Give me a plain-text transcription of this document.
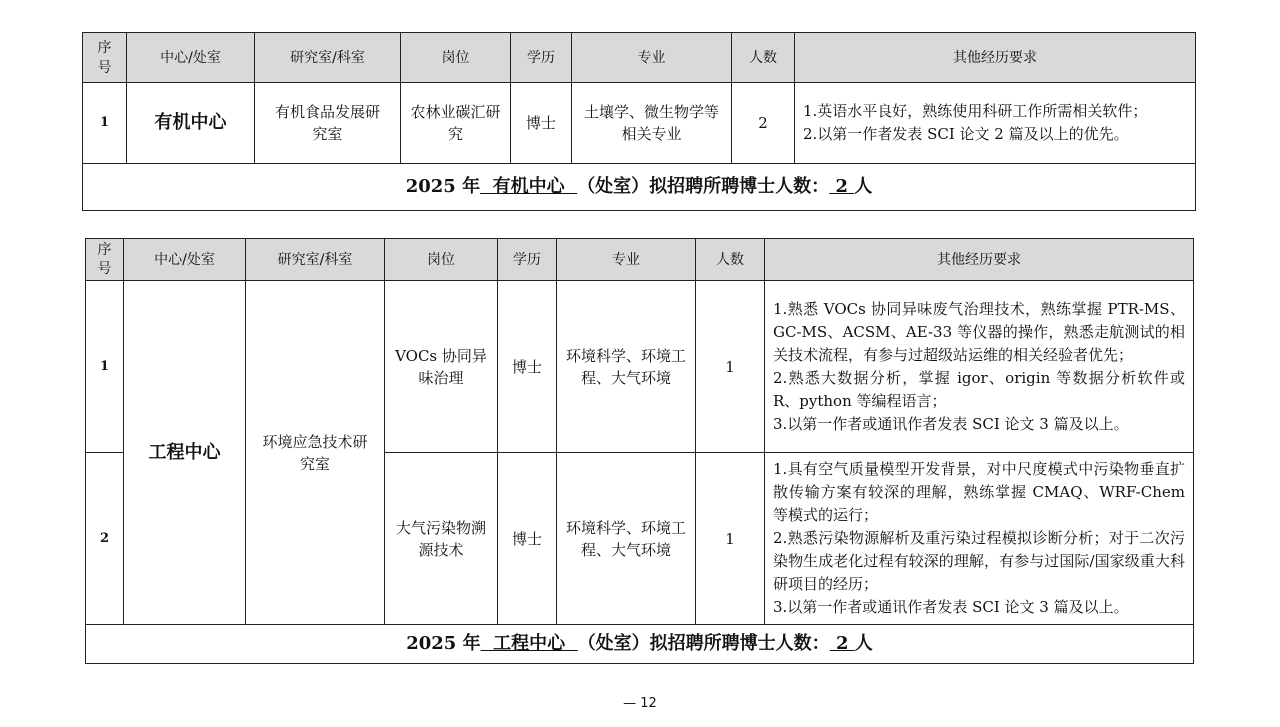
序号	中心/处室	研究室/科室	岗位	学历	专业	人数	其他经历要求
1	有机中心	有机食品发展研究室	农林业碳汇研究	博士	土壤学、微生物学等相关专业	2	1.英语水平良好，熟练使用科研工作所需相关软件；
2.以第一作者发表 SCI 论文 2 篇及以上的优先。

2025 年  有机中心  （处室）拟招聘所聘博士人数： 2 人							
序号	中心/处室	研究室/科室	岗位	学历	专业	人数	其他经历要求
1	工程中心	环境应急技术研究室	VOCs 协同异味治理	博士	环境科学、环境工程、大气环境	1	1.熟悉 VOCs 协同异味废气治理技术，熟练掌握 PTR-MS、GC-MS、ACSM、AE-33 等仪器的操作，熟悉走航测试的相关技术流程，有参与过超级站运维的相关经验者优先；
2.熟悉大数据分析，掌握 igor、origin 等数据分析软件或 R、python 等编程语言；
3.以第一作者或通讯作者发表 SCI 论文 3 篇及以上。

2			大气污染物溯源技术	博士	环境科学、环境工程、大气环境	1	1.具有空气质量模型开发背景，对中尺度模式中污染物垂直扩散传输方案有较深的理解，熟练掌握 CMAQ、WRF-Chem 等模式的运行；
2.熟悉污染物源解析及重污染过程模拟诊断分析；对于二次污染物生成老化过程有较深的理解，有参与过国际/国家级重大科研项目的经历；
3.以第一作者或通讯作者发表 SCI 论文 3 篇及以上。

2025 年  工程中心  （处室）拟招聘所聘博士人数： 2 人							
— 12
